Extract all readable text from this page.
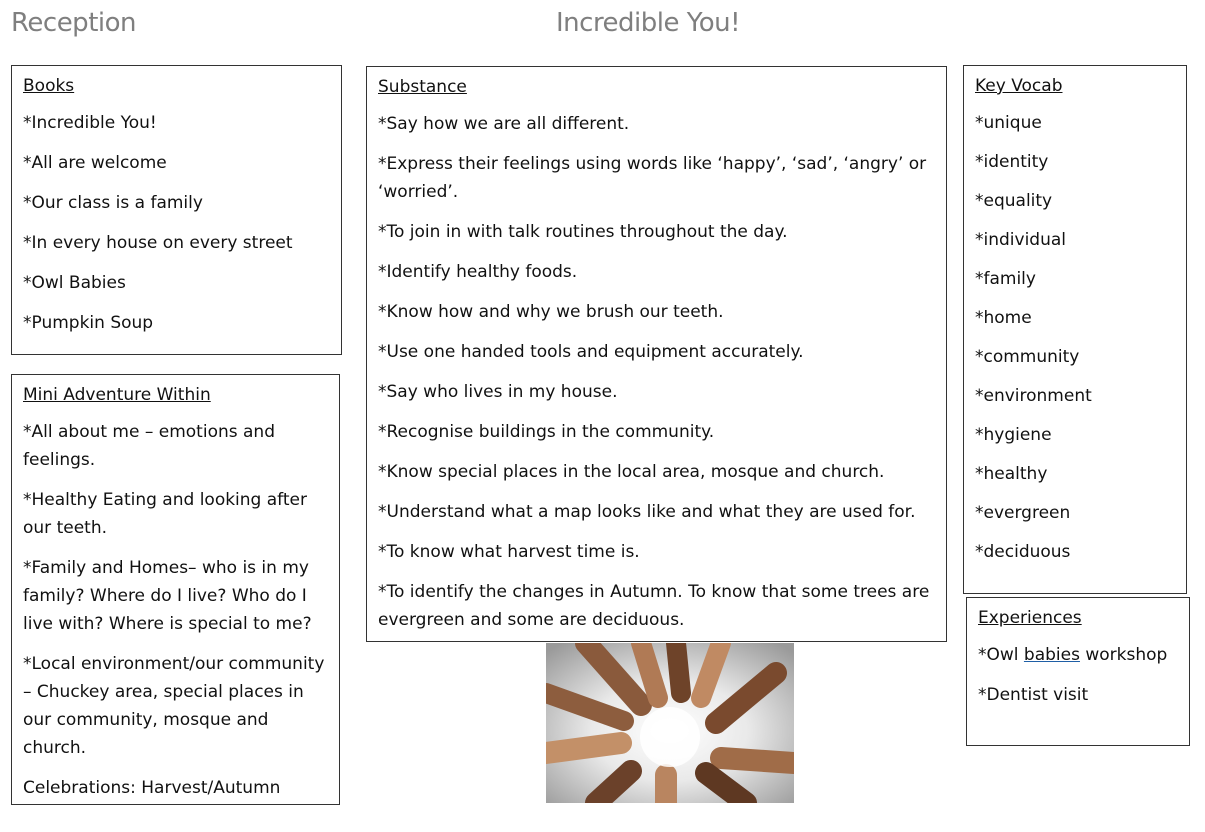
Reception	Incredible You!
Books

*Incredible You!

*All are welcome

*Our class is a family

*In every house on every street

*Owl Babies

*Pumpkin Soup

Mini Adventure Within

*All about me – emotions and feelings.

*Healthy Eating and looking after our teeth.

*Family and Homes– who is in my family? Where do I live? Who do I live with? Where is special to me?

*Local environment/our community – Chuckey area, special places in our community, mosque and church.

Celebrations: Harvest/Autumn

Substance

*Say how we are all different.

*Express their feelings using words like ‘happy’, ‘sad’, ‘angry’ or ‘worried’.

*To join in with talk routines throughout the day.

*Identify healthy foods.

*Know how and why we brush our teeth.

*Use one handed tools and equipment accurately.

*Say who lives in my house.

*Recognise buildings in the community.

*Know special places in the local area, mosque and church.

*Understand what a map looks like and what they are used for.

*To know what harvest time is.

*To identify the changes in Autumn. To know that some trees are evergreen and some are deciduous.

Key Vocab

*unique

*identity

*equality

*individual

*family

*home

*community

*environment

*hygiene

*healthy

*evergreen

*deciduous

Experiences

*Owl babies workshop

*Dentist visit
